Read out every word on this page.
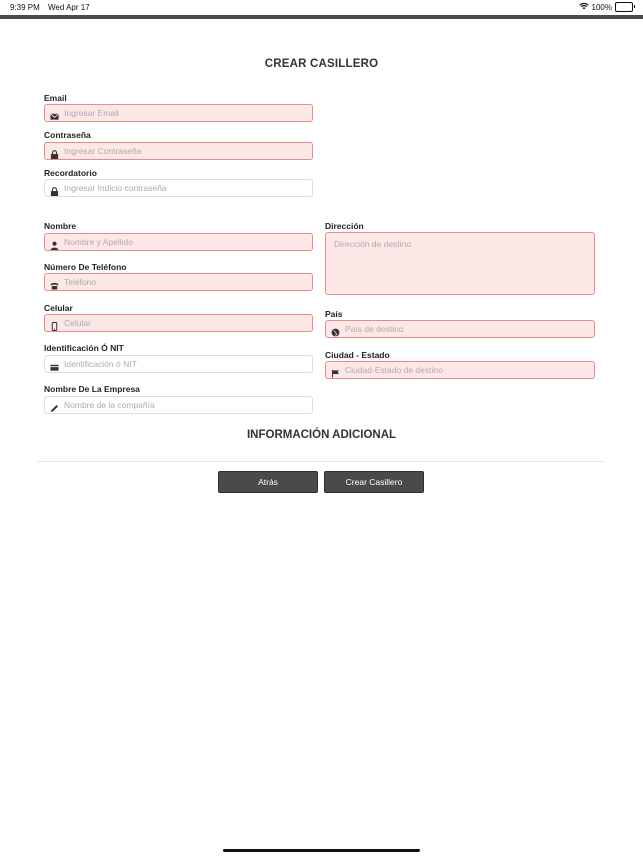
9:39 PM Wed Apr 17	100%
CREAR CASILLERO
Email
Ingresar Email
Contraseña
Recordatorio
Ingresar Indicio contraseña
Nombre
Nombre y Apellido
Número De Teléfono
Teléfono
Celular
Celular
Identificación Ó NIT
Identificación ó NIT
Nombre De La Empresa
Nombre de la compañía
Dirección
Dirección de destino
País
País de destino
Ciudad - Estado
Ciudad-Estado de destino
INFORMACIÓN ADICIONAL
Atrás	Crear Casillero
